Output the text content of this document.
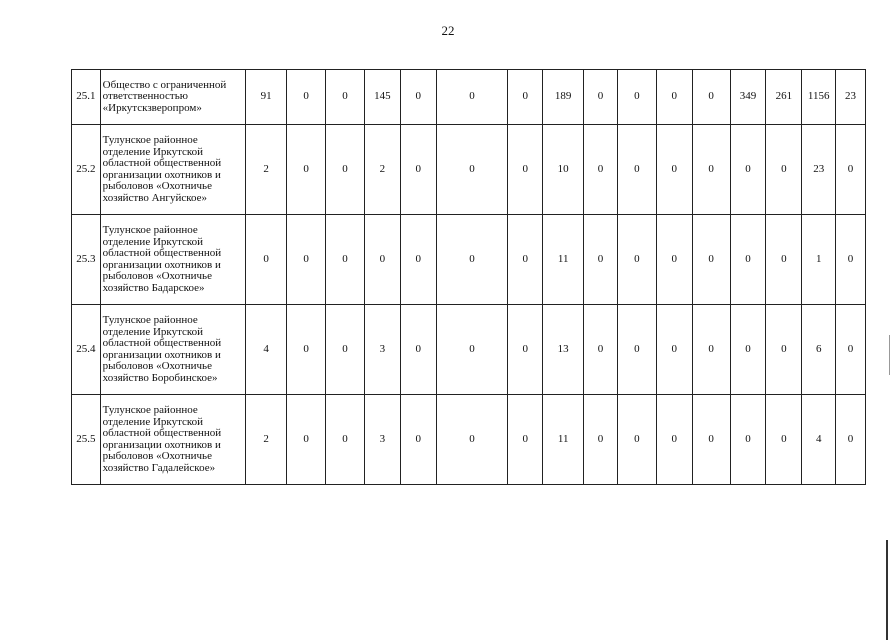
22
25.1	Общество с ограниченной ответственностью «Иркутскзверопром»	91	0	0	145	0	0	0	189	0	0	0	0	349	261	1156	23
25.2	Тулунское районное отделение Иркутской областной общественной организации охотников и рыболовов «Охотничье хозяйство Ангуйское»	2	0	0	2	0	0	0	10	0	0	0	0	0	0	23	0
25.3	Тулунское районное отделение Иркутской областной общественной организации охотников и рыболовов «Охотничье хозяйство Бадарское»	0	0	0	0	0	0	0	11	0	0	0	0	0	0	1	0
25.4	Тулунское районное отделение Иркутской областной общественной организации охотников и рыболовов «Охотничье хозяйство Боробинское»	4	0	0	3	0	0	0	13	0	0	0	0	0	0	6	0
25.5	Тулунское районное отделение Иркутской областной общественной организации охотников и рыболовов «Охотничье хозяйство Гадалейское»	2	0	0	3	0	0	0	11	0	0	0	0	0	0	4	0
